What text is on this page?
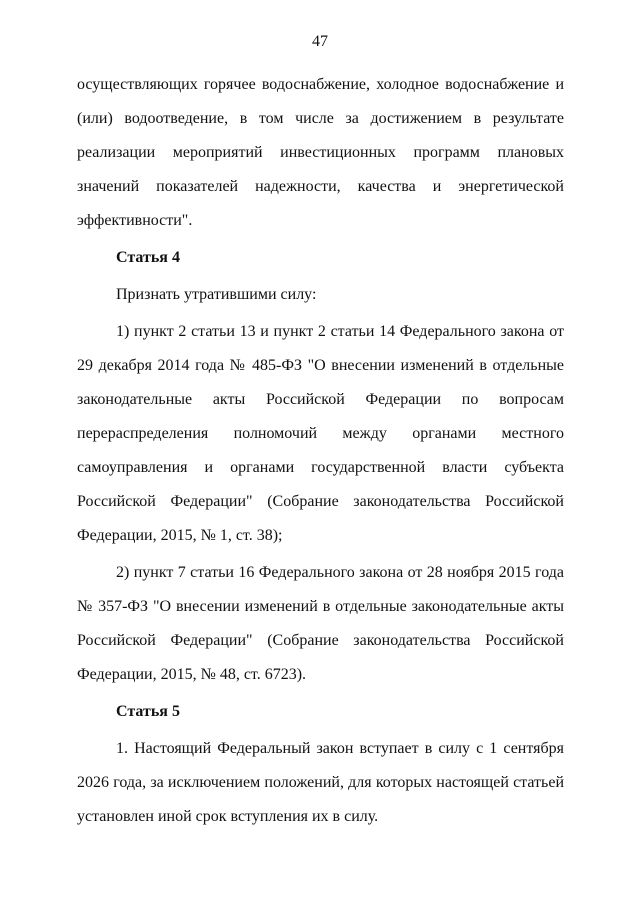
47

осуществляющих горячее водоснабжение, холодное водоснабжение и (или) водоотведение, в том числе за достижением в результате реализации мероприятий инвестиционных программ плановых значений показателей надежности, качества и энергетической эффективности".

Статья 4

Признать утратившими силу:

1) пункт 2 статьи 13 и пункт 2 статьи 14 Федерального закона от 29 декабря 2014 года № 485-ФЗ "О внесении изменений в отдельные законодательные акты Российской Федерации по вопросам перераспределения полномочий между органами местного самоуправления и органами государственной власти субъекта Российской Федерации" (Собрание законодательства Российской Федерации, 2015, № 1, ст. 38);

2) пункт 7 статьи 16 Федерального закона от 28 ноября 2015 года № 357-ФЗ "О внесении изменений в отдельные законодательные акты Российской Федерации" (Собрание законодательства Российской Федерации, 2015, № 48, ст. 6723).

Статья 5

1. Настоящий Федеральный закон вступает в силу с 1 сентября 2026 года, за исключением положений, для которых настоящей статьей установлен иной срок вступления их в силу.
